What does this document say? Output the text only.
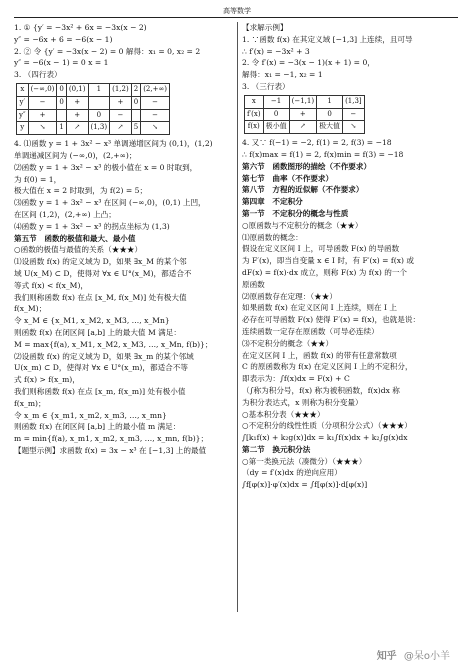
高等数学
1. ① {y′ = −3x² + 6x = −3x(x − 2)
y″ = −6x + 6 = −6(x − 1)
2. ② 令 {y′ = −3x(x − 2) = 0 解得：x₁ = 0, x₂ = 2
y″ = −6(x − 1) = 0 x = 1
3. （四行表）
x	(−∞,0)	0	(0,1)	1	(1,2)	2	(2,+∞)
y′	−	0	+		+	0	−
y″	+		+	0	−		−
y	↘	1	↗	(1,3)	↗	5	↘
4. ⑴函数 y = 1 + 3x² − x³ 单调递增区间为 (0,1)，(1,2)
单调递减区间为 (−∞,0)，(2,+∞)；
⑵函数 y = 1 + 3x² − x³ 的极小值在 x = 0 时取到，
为 f(0) = 1，
极大值在 x = 2 时取到，为 f(2) = 5；
⑶函数 y = 1 + 3x² − x³ 在区间 (−∞,0)，(0,1) 上凹，
在区间 (1,2)，(2,+∞) 上凸；
⑷函数 y = 1 + 3x² − x³ 的拐点坐标为 (1,3)
第五节　函数的极值和最大、最小值
○函数的极值与最值的关系（★★★）
⑴设函数 f(x) 的定义域为 D，如果 ∃x_M 的某个邻
域 U(x_M) ⊂ D，使得对 ∀x ∈ U°(x_M)，都适合不
等式 f(x) < f(x_M)，
我们则称函数 f(x) 在点 [x_M, f(x_M)] 处有极大值
f(x_M)；
令 x_M ∈ {x_M1, x_M2, x_M3, …, x_Mn}
则函数 f(x) 在闭区间 [a,b] 上的最大值 M 满足：
M = max{f(a), x_M1, x_M2, x_M3, …, x_Mn, f(b)}；
⑵设函数 f(x) 的定义域为 D，如果 ∃x_m 的某个邻域
U(x_m) ⊂ D，使得对 ∀x ∈ U°(x_m)，都适合不等
式 f(x) > f(x_m)，
我们则称函数 f(x) 在点 [x_m, f(x_m)] 处有极小值
f(x_m)；
令 x_m ∈ {x_m1, x_m2, x_m3, …, x_mn}
则函数 f(x) 在闭区间 [a,b] 上的最小值 m 满足：
m = min{f(a), x_m1, x_m2, x_m3, …, x_mn, f(b)}；
【题型示例】求函数 f(x) = 3x − x³ 在 [−1,3] 上的最值
【求解示例】
1. ∵函数 f(x) 在其定义域 [−1,3] 上连续，且可导
∴ f′(x) = −3x² + 3
2. 令 f′(x) = −3(x − 1)(x + 1) = 0，
解得：x₁ = −1, x₂ = 1
3. （三行表）
x	−1	(−1,1)	1	(1,3]
f′(x)	0	+	0	−
f(x)	极小值	↗	极大值	↘
4. 又∵ f(−1) = −2, f(1) = 2, f(3) = −18
∴ f(x)max = f(1) = 2, f(x)min = f(3) = −18
第六节　函数图形的描绘（不作要求）
第七节　曲率（不作要求）
第八节　方程的近似解（不作要求）
第四章　不定积分
第一节　不定积分的概念与性质
○原函数与不定积分的概念（★★）
⑴原函数的概念：
假设在定义区间 I 上，可导函数 F(x) 的导函数
为 F′(x)，即当自变量 x ∈ I 时，有 F′(x) = f(x) 或
dF(x) = f(x)·dx 成立，则称 F(x) 为 f(x) 的一个
原函数
⑵原函数存在定理：（★★）
如果函数 f(x) 在定义区间 I 上连续，则在 I 上
必存在可导函数 F(x) 使得 F′(x) = f(x)，也就是说：
连续函数一定存在原函数（可导必连续）
⑶不定积分的概念（★★）
在定义区间 I 上，函数 f(x) 的带有任意常数项
C 的原函数称为 f(x) 在定义区间 I 上的不定积分，
即表示为：∫f(x)dx = F(x) + C
（∫称为积分号，f(x) 称为被积函数，f(x)dx 称
为积分表达式，x 则称为积分变量）
○基本积分表（★★★）
○不定积分的线性性质（分项积分公式）（★★★）
∫[k₁f(x) + k₂g(x)]dx = k₁∫f(x)dx + k₂∫g(x)dx
第二节　换元积分法
○第一类换元法（凑微分）（★★★）
（dy = f′(x)dx 的逆向应用）
∫f[φ(x)]·φ′(x)dx = ∫f[φ(x)]·d[φ(x)]
知乎 @呆o小羊
